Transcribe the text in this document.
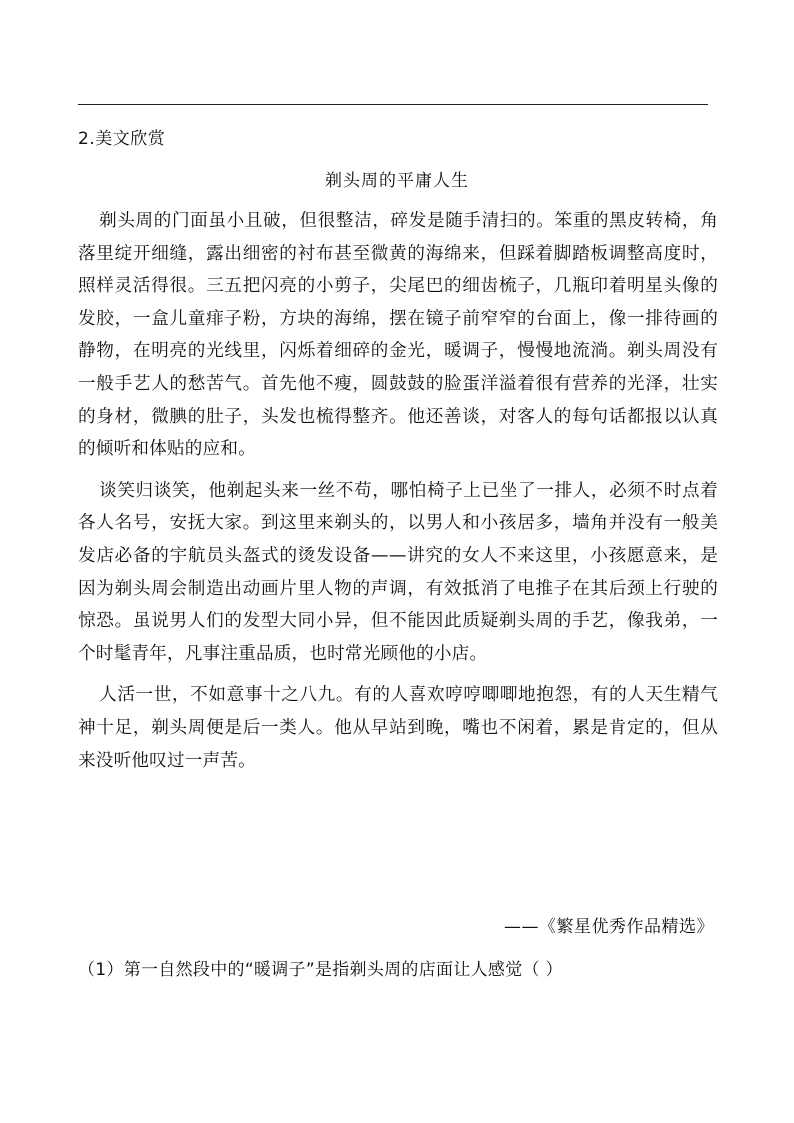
2.美文欣赏
剃头周的平庸人生

剃头周的门面虽小且破，但很整洁，碎发是随手清扫的。笨重的黑皮转椅，角落里绽开细缝，露出细密的衬布甚至微黄的海绵来，但踩着脚踏板调整高度时，照样灵活得很。三五把闪亮的小剪子，尖尾巴的细齿梳子，几瓶印着明星头像的发胶，一盒儿童痱子粉，方块的海绵，摆在镜子前窄窄的台面上，像一排待画的静物，在明亮的光线里，闪烁着细碎的金光，暖调子，慢慢地流淌。剃头周没有一般手艺人的愁苦气。首先他不瘦，圆鼓鼓的脸蛋洋溢着很有营养的光泽，壮实的身材，微腆的肚子，头发也梳得整齐。他还善谈，对客人的每句话都报以认真的倾听和体贴的应和。

谈笑归谈笑，他剃起头来一丝不苟，哪怕椅子上已坐了一排人，必须不时点着各人名号，安抚大家。到这里来剃头的，以男人和小孩居多，墙角并没有一般美发店必备的宇航员头盔式的烫发设备——讲究的女人不来这里，小孩愿意来，是因为剃头周会制造出动画片里人物的声调，有效抵消了电推子在其后颈上行驶的惊恐。虽说男人们的发型大同小异，但不能因此质疑剃头周的手艺，像我弟，一个时髦青年，凡事注重品质，也时常光顾他的小店。

人活一世，不如意事十之八九。有的人喜欢哼哼唧唧地抱怨，有的人天生精气神十足，剃头周便是后一类人。他从早站到晚，嘴也不闲着，累是肯定的，但从来没听他叹过一声苦。

——《繁星优秀作品精选》
（1）第一自然段中的“暖调子”是指剃头周的店面让人感觉（ ）
